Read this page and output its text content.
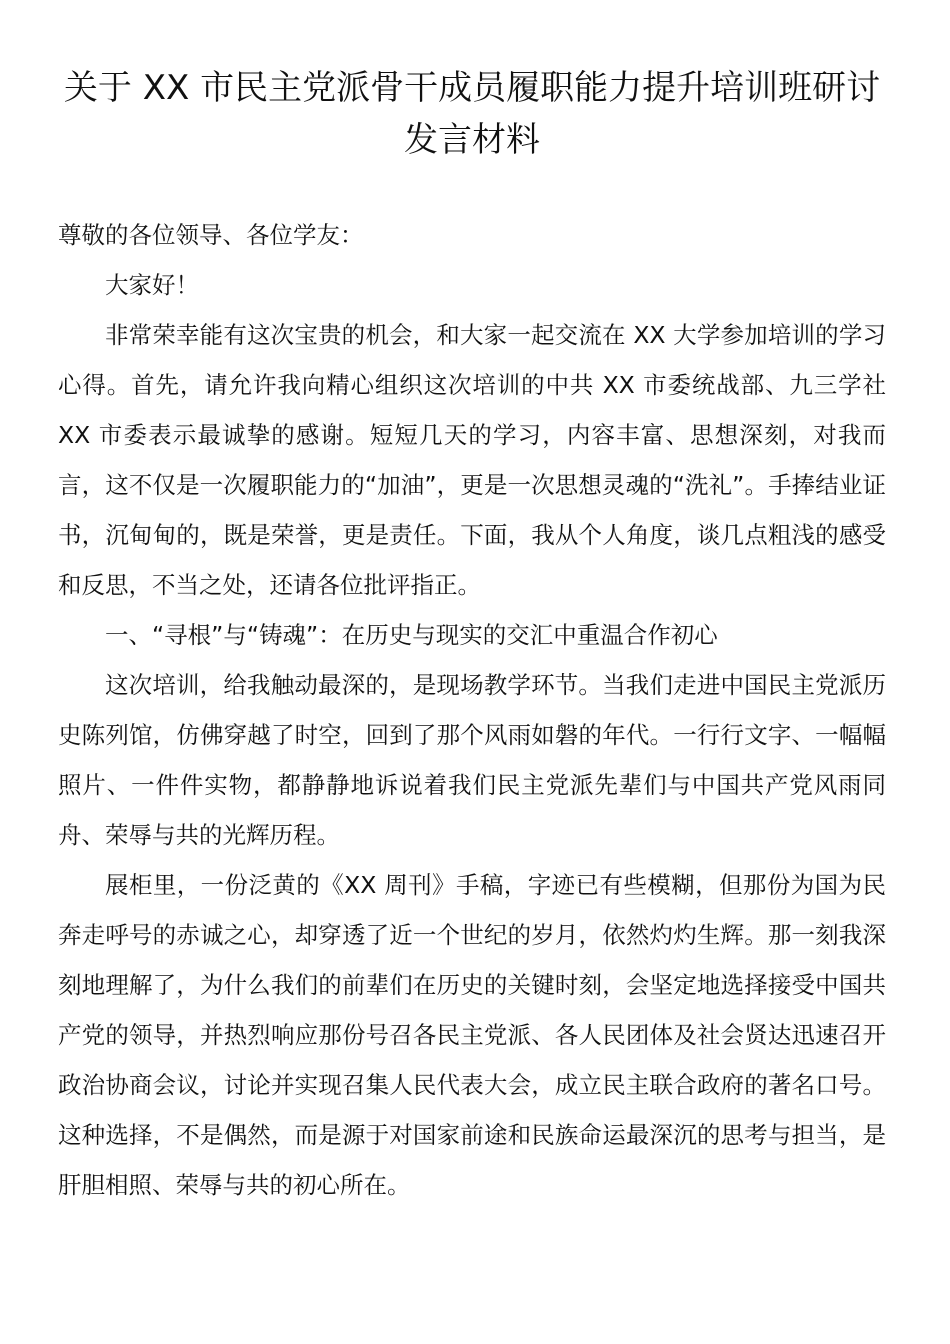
关于 XX 市民主党派骨干成员履职能力提升培训班研讨
发言材料

尊敬的各位领导、各位学友：

大家好！

非常荣幸能有这次宝贵的机会，和大家一起交流在 XX 大学参加培训的学习心得。首先，请允许我向精心组织这次培训的中共 XX 市委统战部、九三学社 XX 市委表示最诚挚的感谢。短短几天的学习，内容丰富、思想深刻，对我而言，这不仅是一次履职能力的“加油”，更是一次思想灵魂的“洗礼”。手捧结业证书，沉甸甸的，既是荣誉，更是责任。下面，我从个人角度，谈几点粗浅的感受和反思，不当之处，还请各位批评指正。

一、“寻根”与“铸魂”：在历史与现实的交汇中重温合作初心

这次培训，给我触动最深的，是现场教学环节。当我们走进中国民主党派历史陈列馆，仿佛穿越了时空，回到了那个风雨如磐的年代。一行行文字、一幅幅照片、一件件实物，都静静地诉说着我们民主党派先辈们与中国共产党风雨同舟、荣辱与共的光辉历程。

展柜里，一份泛黄的《XX 周刊》手稿，字迹已有些模糊，但那份为国为民奔走呼号的赤诚之心，却穿透了近一个世纪的岁月，依然灼灼生辉。那一刻我深刻地理解了，为什么我们的前辈们在历史的关键时刻，会坚定地选择接受中国共产党的领导，并热烈响应那份号召各民主党派、各人民团体及社会贤达迅速召开政治协商会议，讨论并实现召集人民代表大会，成立民主联合政府的著名口号。这种选择，不是偶然，而是源于对国家前途和民族命运最深沉的思考与担当，是肝胆相照、荣辱与共的初心所在。
